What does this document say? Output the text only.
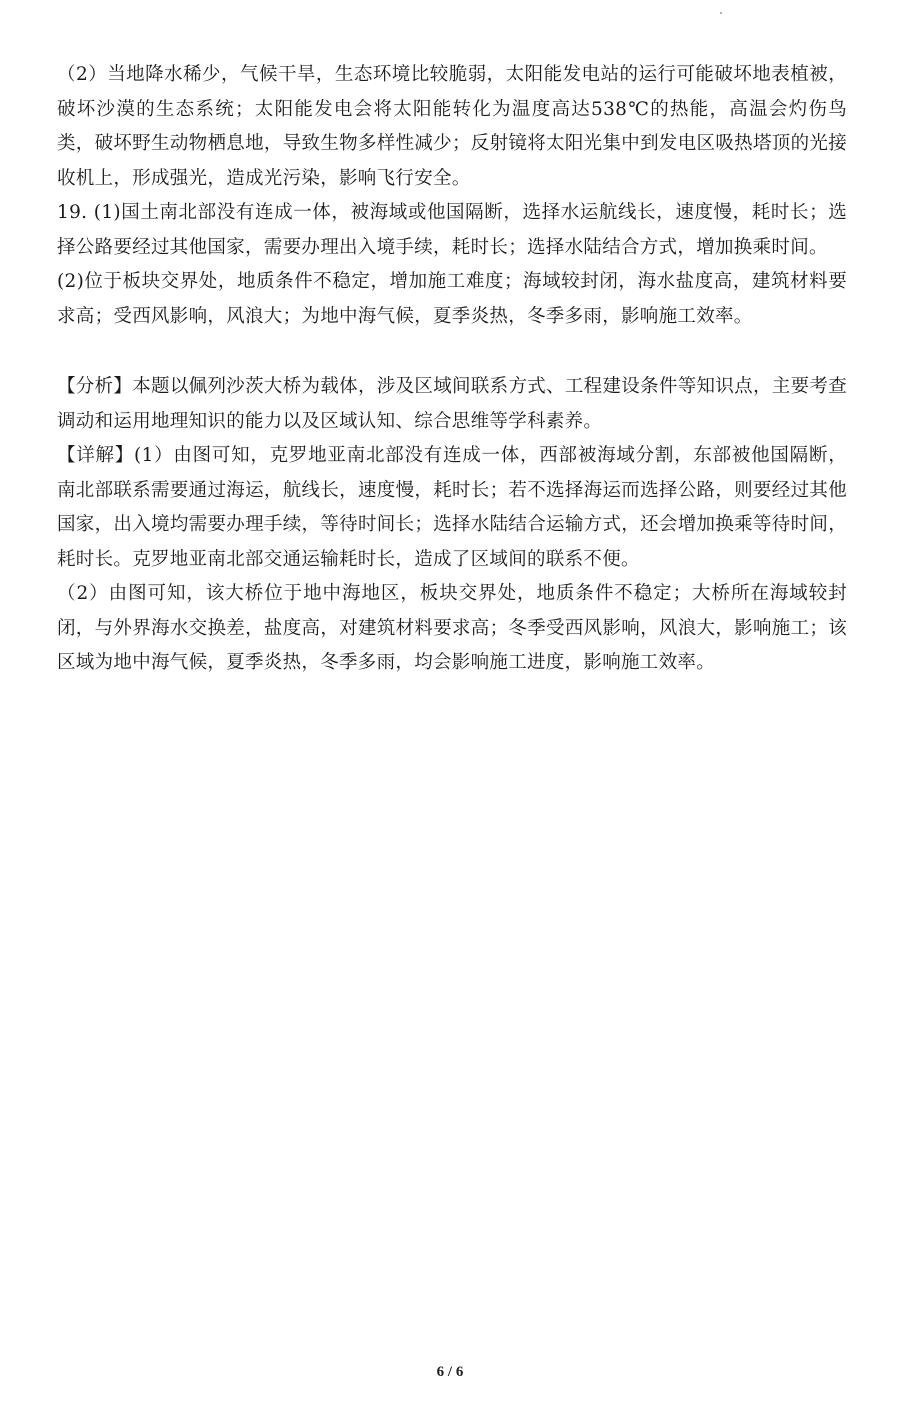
（2）当地降水稀少，气候干旱，生态环境比较脆弱，太阳能发电站的运行可能破坏地表植被，破坏沙漠的生态系统；太阳能发电会将太阳能转化为温度高达538℃的热能，高温会灼伤鸟类，破坏野生动物栖息地，导致生物多样性减少；反射镜将太阳光集中到发电区吸热塔顶的光接收机上，形成强光，造成光污染，影响飞行安全。

19. (1)国土南北部没有连成一体，被海域或他国隔断，选择水运航线长，速度慢，耗时长；选择公路要经过其他国家，需要办理出入境手续，耗时长；选择水陆结合方式，增加换乘时间。

(2)位于板块交界处，地质条件不稳定，增加施工难度；海域较封闭，海水盐度高，建筑材料要求高；受西风影响，风浪大；为地中海气候，夏季炎热，冬季多雨，影响施工效率。

【分析】本题以佩列沙茨大桥为载体，涉及区域间联系方式、工程建设条件等知识点，主要考查调动和运用地理知识的能力以及区域认知、综合思维等学科素养。

【详解】(1）由图可知，克罗地亚南北部没有连成一体，西部被海域分割，东部被他国隔断，南北部联系需要通过海运，航线长，速度慢，耗时长；若不选择海运而选择公路，则要经过其他国家，出入境均需要办理手续，等待时间长；选择水陆结合运输方式，还会增加换乘等待时间，耗时长。克罗地亚南北部交通运输耗时长，造成了区域间的联系不便。

（2）由图可知，该大桥位于地中海地区，板块交界处，地质条件不稳定；大桥所在海域较封闭，与外界海水交换差，盐度高，对建筑材料要求高；冬季受西风影响，风浪大，影响施工；该区域为地中海气候，夏季炎热，冬季多雨，均会影响施工进度，影响施工效率。

6 / 6
